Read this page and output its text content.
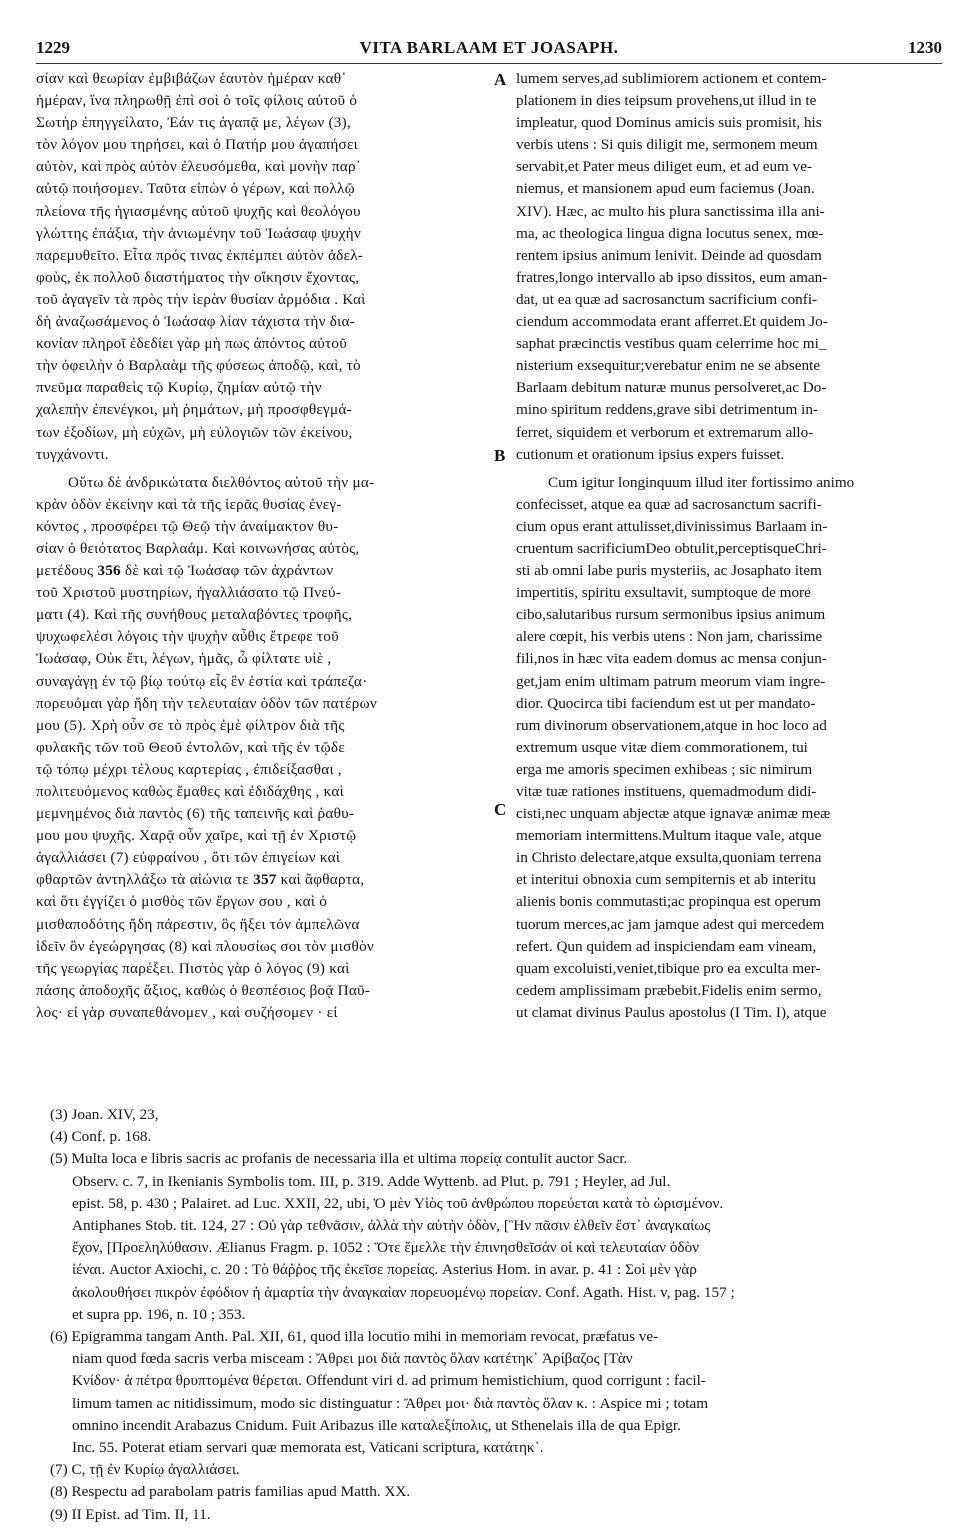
1229	VITA BARLAAM ET JOASAPH.	1230
A
B
C
σίαν καὶ θεωρίαν ἐμβιβάζων ἑαυτὸν ἡμέραν καθ᾽
ἡμέραν, ἵνα πληρωθῇ ἐπὶ σοὶ ὁ τοῖς φίλοις αὐτοῦ ὁ
Σωτὴρ ἐπηγγείλατο, Ἐάν τις ἀγαπᾷ με, λέγων (3),
τὸν λόγον μου τηρήσει, καὶ ὁ Πατήρ μου ἀγαπήσει
αὐτὸν, καὶ πρὸς αὐτὸν ἐλευσόμεθα, καὶ μονὴν παρ᾽
αὐτῷ ποιήσομεν. Ταῦτα εἰπὼν ὁ γέρων, καὶ πολλῷ
πλείονα τῆς ἡγιασμένης αὐτοῦ ψυχῆς καὶ θεολόγου
γλώττης ἐπάξια, τὴν ἀνιωμένην τοῦ Ἰωάσαφ ψυχὴν
παρεμυθεῖτο. Εἶτα πρός τινας ἐκπέμπει αὐτὸν ἀδελ-
φοὺς, ἐκ πολλοῦ διαστήματος τὴν οἴκησιν ἔχοντας,
τοῦ ἀγαγεῖν τὰ πρὸς τὴν ἱερὰν θυσίαν ἁρμόδια . Καὶ
δὴ ἀναζωσάμενος ὁ Ἰωάσαφ λίαν τάχιστα τὴν δια-
κονίαν πληροῖ ἐδεδίει γὰρ μὴ πως ἀπόντος αὐτοῦ
τὴν ὀφειλὴν ὁ Βαρλαὰμ τῆς φύσεως ἀποδῷ, καὶ, τὸ
πνεῦμα παραθεὶς τῷ Κυρίῳ, ζημίαν αὐτῷ τὴν
χαλεπὴν ἐπενέγκοι, μὴ ῥημάτων, μὴ προσφθεγμά-
των ἐξοδίων, μὴ εὐχῶν, μὴ εὐλογιῶν τῶν ἐκείνου,
τυγχάνοντι.
Οὕτω δὲ ἀνδρικώτατα διελθόντος αὐτοῦ τὴν μα-
κρὰν ὁδὸν ἐκείνην καὶ τὰ τῆς ἱερᾶς θυσίας ἐνεγ-
κόντος , προσφέρει τῷ Θεῷ τὴν ἀναίμακτον θυ-
σίαν ὁ θειότατος Βαρλαάμ. Καὶ κοινωνήσας αὐτὸς,
μετέδους 356 δὲ καὶ τῷ Ἰωάσαφ τῶν ἀχράντων
τοῦ Χριστοῦ μυστηρίων, ἠγαλλιάσατο τῷ Πνεύ-
ματι (4). Καὶ τῆς συνήθους μεταλαβόντες τροφῆς,
ψυχωφελέσι λόγοις τὴν ψυχὴν αὖθις ἔτρεφε τοῦ
Ἰωάσαφ, Οὐκ ἔτι, λέγων, ἡμᾶς, ὦ φίλτατε υἱὲ ,
συναγάγῃ ἐν τῷ βίῳ τούτῳ εἷς ἓν ἑστία καὶ τράπεζα·
πορευόμαι γὰρ ἤδη τὴν τελευταίαν ὁδὸν τῶν πατέρων
μου (5). Χρὴ οὖν σε τὸ πρὸς ἐμὲ φίλτρον διὰ τῆς
φυλακῆς τῶν τοῦ Θεοῦ ἐντολῶν, καὶ τῆς ἐν τῷδε
τῷ τόπῳ μέχρι τέλους καρτερίας , ἐπιδείξασθαι ,
πολιτευόμενος καθὼς ἔμαθες καὶ ἐδιδάχθης , καὶ
μεμνημένος διὰ παντὸς (6) τῆς ταπεινῆς καὶ ῥαθυ-
μου μου ψυχῆς. Χαρᾷ οὖν χαῖρε, καὶ τῇ ἐν Χριστῷ
ἀγαλλιάσει (7) εὐφραίνου , ὅτι τῶν ἐπιγείων καὶ
φθαρτῶν ἀντηλλάξω τὰ αἰώνια τε 357 καὶ ἄφθαρτα,
καὶ ὅτι ἐγγίζει ὁ μισθὸς τῶν ἔργων σου , καὶ ὁ
μισθαποδότης ἤδη πάρεστιν, ὃς ἥξει τόν ἀμπελῶνα
ἰδεῖν ὃν ἐγεώργησας (8) καὶ πλουσίως σοι τὸν μισθὸν
τῆς γεωργίας παρέξει. Πιστὸς γὰρ ὁ λόγος (9) καὶ
πάσης ἀποδοχῆς ἄξιος, καθὼς ὁ θεσπέσιος βοᾷ Παῦ-
λος· εἰ γὰρ συναπεθάνομεν , καὶ συζήσομεν · εἰ
lumem serves,ad sublimiorem actionem et contem-
plationem in dies teipsum provehens,ut illud in te
impleatur, quod Dominus amicis suis promisit, his
verbis utens : Si quis diligit me, sermonem meum
servabit,et Pater meus diliget eum, et ad eum ve-
niemus, et mansionem apud eum faciemus (Joan.
XIV). Hæc, ac multo his plura sanctissima illa ani-
ma, ac theologica lingua digna locutus senex, mœ-
rentem ipsius animum lenivit. Deinde ad quosdam
fratres,longo intervallo ab ipso dissitos, eum aman-
dat, ut ea quæ ad sacrosanctum sacrificium confi-
ciendum accommodata erant afferret.Et quidem Jo-
saphat præcinctis vestibus quam celerrime hoc mi_
nisterium exsequitur;verebatur enim ne se absente
Barlaam debitum naturæ munus persolveret,ac Do-
mino spiritum reddens,grave sibi detrimentum in-
ferret, siquidem et verborum et extremarum allo-
cutionum et orationum ipsius expers fuisset.
Cum igitur longinquum illud iter fortissimo animo
confecisset, atque ea quæ ad sacrosanctum sacrifi-
cium opus erant attulisset,divinissimus Barlaam in-
cruentum sacrificiumDeo obtulit,perceptisqueChri-
sti ab omni labe puris mysteriis, ac Josaphato item
impertitis, spiritu exsultavit, sumptoque de more
cibo,salutaribus rursum sermonibus ipsius animum
alere cœpit, his verbis utens : Non jam, charissime
fili,nos in hæc vita eadem domus ac mensa conjun-
get,jam enim ultimam patrum meorum viam ingre-
dior. Quocirca tibi faciendum est ut per mandato-
rum divinorum observationem,atque in hoc loco ad
extremum usque vitæ diem commorationem, tui
erga me amoris specimen exhibeas ; sic nimirum
vitæ tuæ rationes instituens, quemadmodum didi-
cisti,nec unquam abjectæ atque ignavæ animæ meæ
memoriam intermittens.Multum itaque vale, atque
in Christo delectare,atque exsulta,quoniam terrena
et interitui obnoxia cum sempiternis et ab interitu
alienis bonis commutasti;ac propinqua est operum
tuorum merces,ac jam jamque adest qui mercedem
refert. Qun quidem ad inspiciendam eam vineam,
quam excoluisti,veniet,tibique pro ea excultа mer-
cedem amplissimam præbebit.Fidelis enim sermo,
ut clamat divinus Paulus apostolus (I Tim. I), atque
(3) Joan. XIV, 23,
(4) Conf. p. 168.
(5) Multa loca e libris sacris ac profanis de necessaria illa et ultima πορείᾳ contulit auctor Sacr.
Observ. c. 7, in Ikenianis Symbolis tom. III, p. 319. Adde Wyttenb. ad Plut. p. 791 ; Heyler, ad Jul.
epist. 58, p. 430 ; Palairet. ad Luc. XXII, 22, ubi, Ὁ μὲν Υἱὸς τοῦ ἀνθρώπου πορεύεται κατὰ τὸ ὡρισμένον.
Antiphanes Stob. tit. 124, 27 : Οὐ γὰρ τεθνᾶσιν, ἀλλὰ τὴν αὐτὴν ὁδὸν, [Ἣν πᾶσιν ἐλθεῖν ἔστ᾽ ἀναγκαίως
ἔχον, [Προεληλύθασιν. Ælianus Fragm. p. 1052 : Ὅτε ἔμελλε τὴν ἐπινησθεῖσάν οἱ καὶ τελευταίαν ὁδὸν
ἰέναι. Auctor Axiochi, c. 20 : Τὸ θάῤῥος τῆς ἐκεῖσε πορείας. Asterius Hom. in avar. p. 41 : Σοὶ μὲν γὰρ
ἀκολουθήσει πικρὸν ἐφόδιον ἡ ἁμαρτία τὴν ἀναγκαίαν πορευομένῳ πορείαν. Conf. Agath. Hist. v, pag. 157 ;
et supra pp. 196, n. 10 ; 353.
(6) Epigramma tangam Anth. Pal. XII, 61, quod illa locutio mihi in memoriam revocat, præfatus ve-
niam quod fœda sacris verba misceam : Ἄθρει μοι διὰ παντὸς ὅλαν κατέτηκ᾽ Ἀρίβαζος [Τὰν
Κνίδον· ἁ πέτρα θρυπτομένα θέρεται. Offendunt viri d. ad primum hemistichium, quod corrigunt : facil-
limum tamen ac nitidissimum, modo sic distinguatur : Ἄθρει μοι· διὰ παντὸς ὅλαν κ. : Aspice mi ; totam
omnino incendit Arabazus Cnidum. Fuit Aribazus ille καταλεξίπολις, ut Sthenelais illa de qua Epigr.
Inc. 55. Poterat etiam servari quæ memorata est, Vaticani scriptura, κατάτηκ᾽.
(7) C, τῇ ἐν Κυρίῳ ἀγαλλιάσει.
(8) Respectu ad parabolam patris familias apud Matth. XX.
(9) II Epist. ad Tim. II, 11.
